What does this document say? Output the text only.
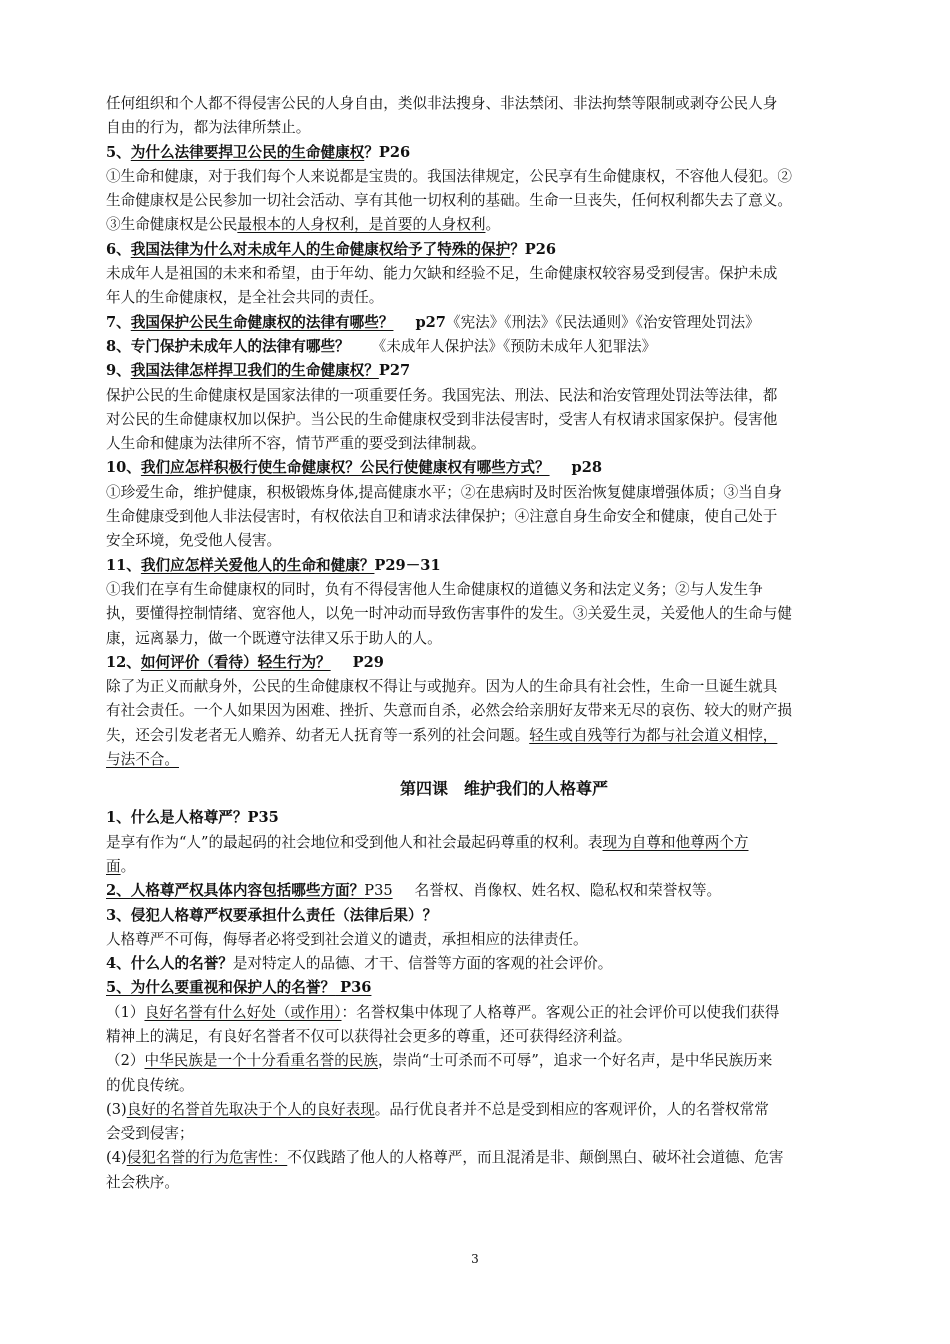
任何组织和个人都不得侵害公民的人身自由，类似非法搜身、非法禁闭、非法拘禁等限制或剥夺公民人身
自由的行为，都为法律所禁止。
5、为什么法律要捍卫公民的生命健康权？P26
①生命和健康，对于我们每个人来说都是宝贵的。我国法律规定，公民享有生命健康权，不容他人侵犯。②
生命健康权是公民参加一切社会活动、享有其他一切权利的基础。生命一旦丧失，任何权利都失去了意义。
③生命健康权是公民最根本的人身权利，是首要的人身权利。
6、我国法律为什么对未成年人的生命健康权给予了特殊的保护？P26
未成年人是祖国的未来和希望，由于年幼、能力欠缺和经验不足，生命健康权较容易受到侵害。保护未成
年人的生命健康权，是全社会共同的责任。
7、我国保护公民生命健康权的法律有哪些？ p27《宪法》《刑法》《民法通则》《治安管理处罚法》
8、专门保护未成年人的法律有哪些？ 《未成年人保护法》《预防未成年人犯罪法》
9、我国法律怎样捍卫我们的生命健康权？P27
保护公民的生命健康权是国家法律的一项重要任务。我国宪法、刑法、民法和治安管理处罚法等法律，都
对公民的生命健康权加以保护。当公民的生命健康权受到非法侵害时，受害人有权请求国家保护。侵害他
人生命和健康为法律所不容，情节严重的要受到法律制裁。
10、我们应怎样积极行使生命健康权？公民行使健康权有哪些方式？ p28
①珍爱生命，维护健康，积极锻炼身体,提高健康水平；②在患病时及时医治恢复健康增强体质；③当自身
生命健康受到他人非法侵害时，有权依法自卫和请求法律保护；④注意自身生命安全和健康，使自己处于
安全环境，免受他人侵害。
11、我们应怎样关爱他人的生命和健康？P29－31
①我们在享有生命健康权的同时，负有不得侵害他人生命健康权的道德义务和法定义务；②与人发生争
执，要懂得控制情绪、宽容他人，以免一时冲动而导致伤害事件的发生。③关爱生灵，关爱他人的生命与健
康，远离暴力，做一个既遵守法律又乐于助人的人。
12、如何评价（看待）轻生行为？ P29
除了为正义而献身外，公民的生命健康权不得让与或抛弃。因为人的生命具有社会性，生命一旦诞生就具
有社会责任。一个人如果因为困难、挫折、失意而自杀，必然会给亲朋好友带来无尽的哀伤、较大的财产损
失，还会引发老者无人赡养、幼者无人抚育等一系列的社会问题。轻生或自残等行为都与社会道义相悖，
与法不合。
第四课　维护我们的人格尊严
1、什么是人格尊严？P35
是享有作为“人”的最起码的社会地位和受到他人和社会最起码尊重的权利。表现为自尊和他尊两个方
面。
2、人格尊严权具体内容包括哪些方面？P35 名誉权、肖像权、姓名权、隐私权和荣誉权等。
3、侵犯人格尊严权要承担什么责任（法律后果）？
人格尊严不可侮，侮辱者必将受到社会道义的谴责，承担相应的法律责任。
4、什么人的名誉？是对特定人的品德、才干、信誉等方面的客观的社会评价。
5、为什么要重视和保护人的名誉？ P36
（1）良好名誉有什么好处（或作用）：名誉权集中体现了人格尊严。客观公正的社会评价可以使我们获得
精神上的满足，有良好名誉者不仅可以获得社会更多的尊重，还可获得经济利益。
（2）中华民族是一个十分看重名誉的民族，崇尚“士可杀而不可辱”，追求一个好名声，是中华民族历来
的优良传统。
(3)良好的名誉首先取决于个人的良好表现。品行优良者并不总是受到相应的客观评价，人的名誉权常常
会受到侵害；
(4)侵犯名誉的行为危害性：不仅践踏了他人的人格尊严，而且混淆是非、颠倒黑白、破坏社会道德、危害
社会秩序。
3
